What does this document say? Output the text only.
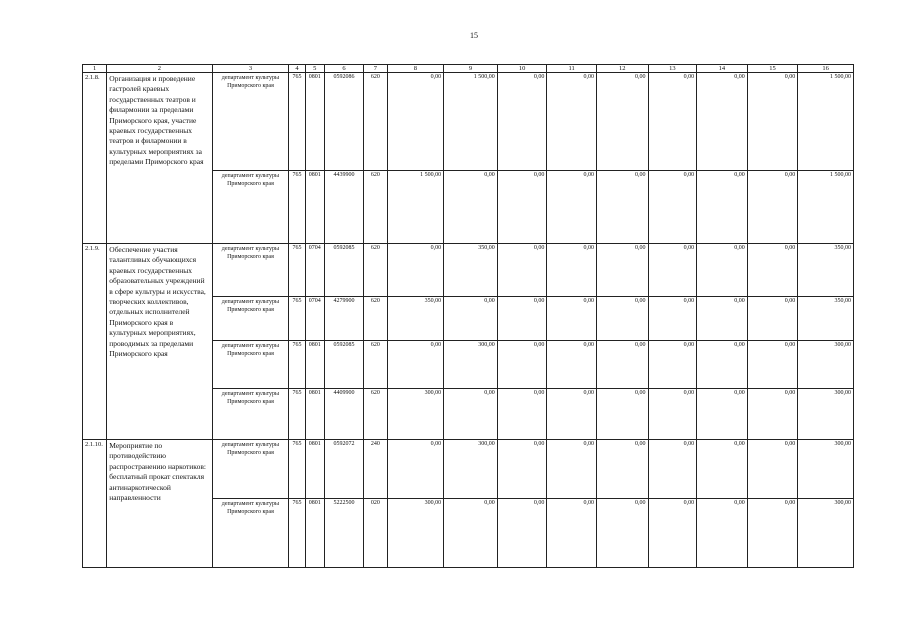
15
1	2	3	4	5	6	7	8	9	10	11	12	13	14	15	16
2.1.8.	Организация и проведение гастролей краевых государственных театров и филармонии за пределами Приморского края, участие краевых государственных театров и филармонии в культурных мероприятиях за пределами Приморского края	департамент культуры Приморского края	765	0801	0592086	620	0,00	1 500,00	0,00	0,00	0,00	0,00	0,00	0,00	1 500,00
		департамент культуры Приморского края	765	0801	4439900	620	1 500,00	0,00	0,00	0,00	0,00	0,00	0,00	0,00	1 500,00
2.1.9.	Обеспечение участия талантливых обучающихся краевых государственных образовательных учреждений в сфере культуры и искусства, творческих коллективов, отдельных исполнителей Приморского края в культурных мероприятиях, проводимых за пределами Приморского края	департамент культуры Приморского края	765	0704	0592085	620	0,00	350,00	0,00	0,00	0,00	0,00	0,00	0,00	350,00
		департамент культуры Приморского края	765	0704	4279900	620	350,00	0,00	0,00	0,00	0,00	0,00	0,00	0,00	350,00
		департамент культуры Приморского края	765	0801	0592085	620	0,00	300,00	0,00	0,00	0,00	0,00	0,00	0,00	300,00
		департамент культуры Приморского края	765	0801	4409900	620	300,00	0,00	0,00	0,00	0,00	0,00	0,00	0,00	300,00
2.1.10.	Мероприятие по противодействию распространению наркотиков: бесплатный прокат спектакля антинаркотической направленности	департамент культуры Приморского края	765	0801	0592072	240	0,00	300,00	0,00	0,00	0,00	0,00	0,00	0,00	300,00
		департамент культуры Приморского края	765	0801	5222500	020	300,00	0,00	0,00	0,00	0,00	0,00	0,00	0,00	300,00
